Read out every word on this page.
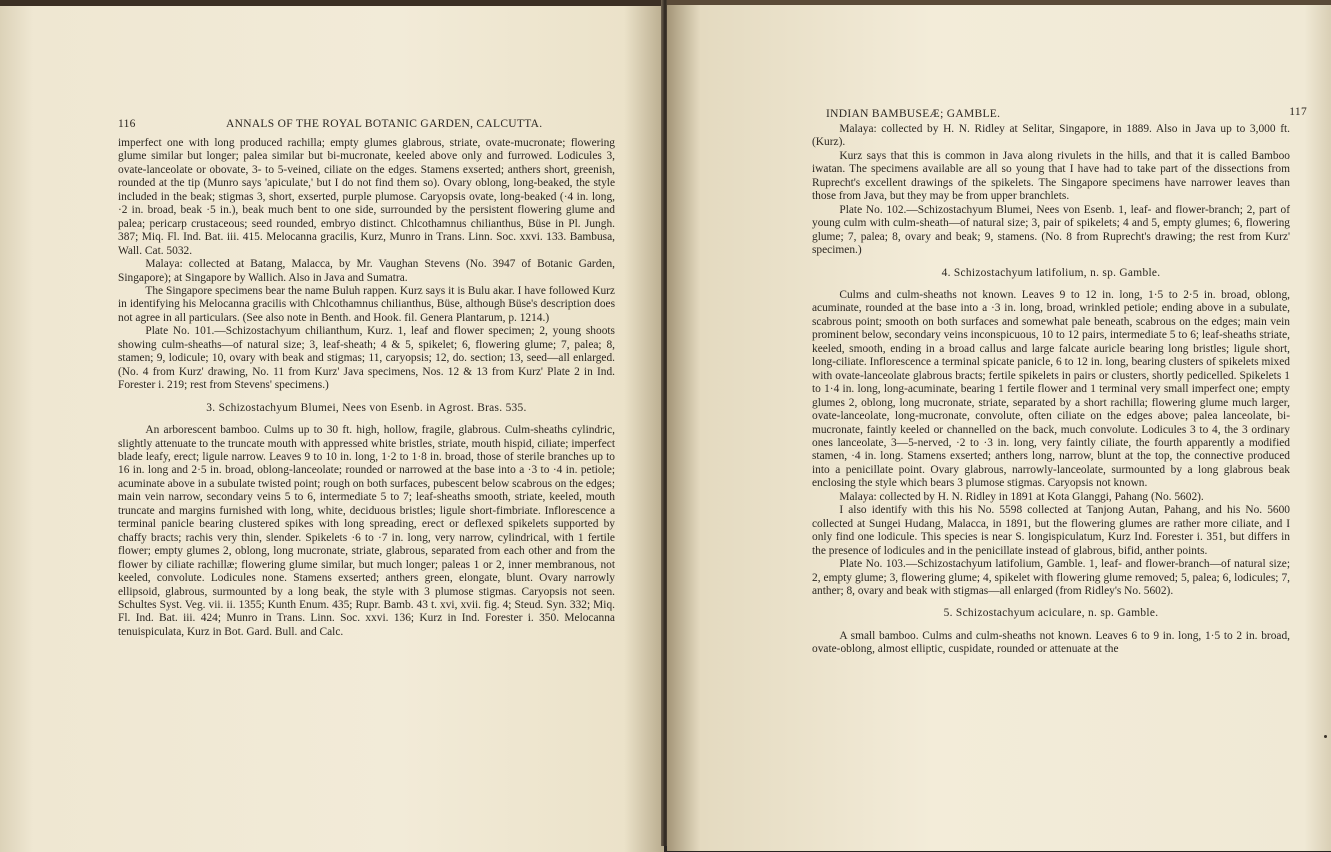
116	ANNALS OF THE ROYAL BOTANIC GARDEN, CALCUTTA.

imperfect one with long produced rachilla; empty glumes glabrous, striate, ovate-mucronate; flowering glume similar but longer; palea similar but bi-mucronate, keeled above only and furrowed. Lodicules 3, ovate-lanceolate or obovate, 3- to 5-veined, ciliate on the edges. Stamens exserted; anthers short, greenish, rounded at the tip (Munro says 'apiculate,' but I do not find them so). Ovary oblong, long-beaked, the style included in the beak; stigmas 3, short, exserted, purple plumose. Caryopsis ovate, long-beaked (·4 in. long, ·2 in. broad, beak ·5 in.), beak much bent to one side, surrounded by the persistent flowering glume and palea; pericarp crustaceous; seed rounded, embryo distinct. Chlcothamnus chilianthus, Büse in Pl. Jungh. 387; Miq. Fl. Ind. Bat. iii. 415. Melocanna gracilis, Kurz, Munro in Trans. Linn. Soc. xxvi. 133. Bambusa, Wall. Cat. 5032.

Malaya: collected at Batang, Malacca, by Mr. Vaughan Stevens (No. 3947 of Botanic Garden, Singapore); at Singapore by Wallich. Also in Java and Sumatra.

The Singapore specimens bear the name Buluh rappen. Kurz says it is Bulu akar. I have followed Kurz in identifying his Melocanna gracilis with Chlcothamnus chilianthus, Büse, although Büse's description does not agree in all particulars. (See also note in Benth. and Hook. fil. Genera Plantarum, p. 1214.)

Plate No. 101.—Schizostachyum chilianthum, Kurz. 1, leaf and flower specimen; 2, young shoots showing culm-sheaths—of natural size; 3, leaf-sheath; 4 & 5, spikelet; 6, flowering glume; 7, palea; 8, stamen; 9, lodicule; 10, ovary with beak and stigmas; 11, caryopsis; 12, do. section; 13, seed—all enlarged. (No. 4 from Kurz' drawing, No. 11 from Kurz' Java specimens, Nos. 12 & 13 from Kurz' Plate 2 in Ind. Forester i. 219; rest from Stevens' specimens.)

3. Schizostachyum Blumei, Nees von Esenb. in Agrost. Bras. 535.

An arborescent bamboo. Culms up to 30 ft. high, hollow, fragile, glabrous. Culm-sheaths cylindric, slightly attenuate to the truncate mouth with appressed white bristles, striate, mouth hispid, ciliate; imperfect blade leafy, erect; ligule narrow. Leaves 9 to 10 in. long, 1·2 to 1·8 in. broad, those of sterile branches up to 16 in. long and 2·5 in. broad, oblong-lanceolate; rounded or narrowed at the base into a ·3 to ·4 in. petiole; acuminate above in a subulate twisted point; rough on both surfaces, pubescent below scabrous on the edges; main vein narrow, secondary veins 5 to 6, intermediate 5 to 7; leaf-sheaths smooth, striate, keeled, mouth truncate and margins furnished with long, white, deciduous bristles; ligule short-fimbriate. Inflorescence a terminal panicle bearing clustered spikes with long spreading, erect or deflexed spikelets supported by chaffy bracts; rachis very thin, slender. Spikelets ·6 to ·7 in. long, very narrow, cylindrical, with 1 fertile flower; empty glumes 2, oblong, long mucronate, striate, glabrous, separated from each other and from the flower by ciliate rachillæ; flowering glume similar, but much longer; paleas 1 or 2, inner membranous, not keeled, convolute. Lodicules none. Stamens exserted; anthers green, elongate, blunt. Ovary narrowly ellipsoid, glabrous, surmounted by a long beak, the style with 3 plumose stigmas. Caryopsis not seen. Schultes Syst. Veg. vii. ii. 1355; Kunth Enum. 435; Rupr. Bamb. 43 t. xvi, xvii. fig. 4; Steud. Syn. 332; Miq. Fl. Ind. Bat. iii. 424; Munro in Trans. Linn. Soc. xxvi. 136; Kurz in Ind. Forester i. 350. Melocanna tenuispiculata, Kurz in Bot. Gard. Bull. and Calc.

INDIAN BAMBUSEÆ; GAMBLE.	117

Malaya: collected by H. N. Ridley at Selitar, Singapore, in 1889. Also in Java up to 3,000 ft. (Kurz).

Kurz says that this is common in Java along rivulets in the hills, and that it is called Bamboo iwatan. The specimens available are all so young that I have had to take part of the dissections from Ruprecht's excellent drawings of the spikelets. The Singapore specimens have narrower leaves than those from Java, but they may be from upper branchlets.

Plate No. 102.—Schizostachyum Blumei, Nees von Esenb. 1, leaf- and flower-branch; 2, part of young culm with culm-sheath—of natural size; 3, pair of spikelets; 4 and 5, empty glumes; 6, flowering glume; 7, palea; 8, ovary and beak; 9, stamens. (No. 8 from Ruprecht's drawing; the rest from Kurz' specimen.)

4. Schizostachyum latifolium, n. sp. Gamble.

Culms and culm-sheaths not known. Leaves 9 to 12 in. long, 1·5 to 2·5 in. broad, oblong, acuminate, rounded at the base into a ·3 in. long, broad, wrinkled petiole; ending above in a subulate, scabrous point; smooth on both surfaces and somewhat pale beneath, scabrous on the edges; main vein prominent below, secondary veins inconspicuous, 10 to 12 pairs, intermediate 5 to 6; leaf-sheaths striate, keeled, smooth, ending in a broad callus and large falcate auricle bearing long bristles; ligule short, long-ciliate. Inflorescence a terminal spicate panicle, 6 to 12 in. long, bearing clusters of spikelets mixed with ovate-lanceolate glabrous bracts; fertile spikelets in pairs or clusters, shortly pedicelled. Spikelets 1 to 1·4 in. long, long-acuminate, bearing 1 fertile flower and 1 terminal very small imperfect one; empty glumes 2, oblong, long mucronate, striate, separated by a short rachilla; flowering glume much larger, ovate-lanceolate, long-mucronate, convolute, often ciliate on the edges above; palea lanceolate, bi-mucronate, faintly keeled or channelled on the back, much convolute. Lodicules 3 to 4, the 3 ordinary ones lanceolate, 3—5-nerved, ·2 to ·3 in. long, very faintly ciliate, the fourth apparently a modified stamen, ·4 in. long. Stamens exserted; anthers long, narrow, blunt at the top, the connective produced into a penicillate point. Ovary glabrous, narrowly-lanceolate, surmounted by a long glabrous beak enclosing the style which bears 3 plumose stigmas. Caryopsis not known.

Malaya: collected by H. N. Ridley in 1891 at Kota Glanggi, Pahang (No. 5602).

I also identify with this his No. 5598 collected at Tanjong Autan, Pahang, and his No. 5600 collected at Sungei Hudang, Malacca, in 1891, but the flowering glumes are rather more ciliate, and I only find one lodicule. This species is near S. longispiculatum, Kurz Ind. Forester i. 351, but differs in the presence of lodicules and in the penicillate instead of glabrous, bifid, anther points.

Plate No. 103.—Schizostachyum latifolium, Gamble. 1, leaf- and flower-branch—of natural size; 2, empty glume; 3, flowering glume; 4, spikelet with flowering glume removed; 5, palea; 6, lodicules; 7, anther; 8, ovary and beak with stigmas—all enlarged (from Ridley's No. 5602).

5. Schizostachyum aciculare, n. sp. Gamble.

A small bamboo. Culms and culm-sheaths not known. Leaves 6 to 9 in. long, 1·5 to 2 in. broad, ovate-oblong, almost elliptic, cuspidate, rounded or attenuate at the
